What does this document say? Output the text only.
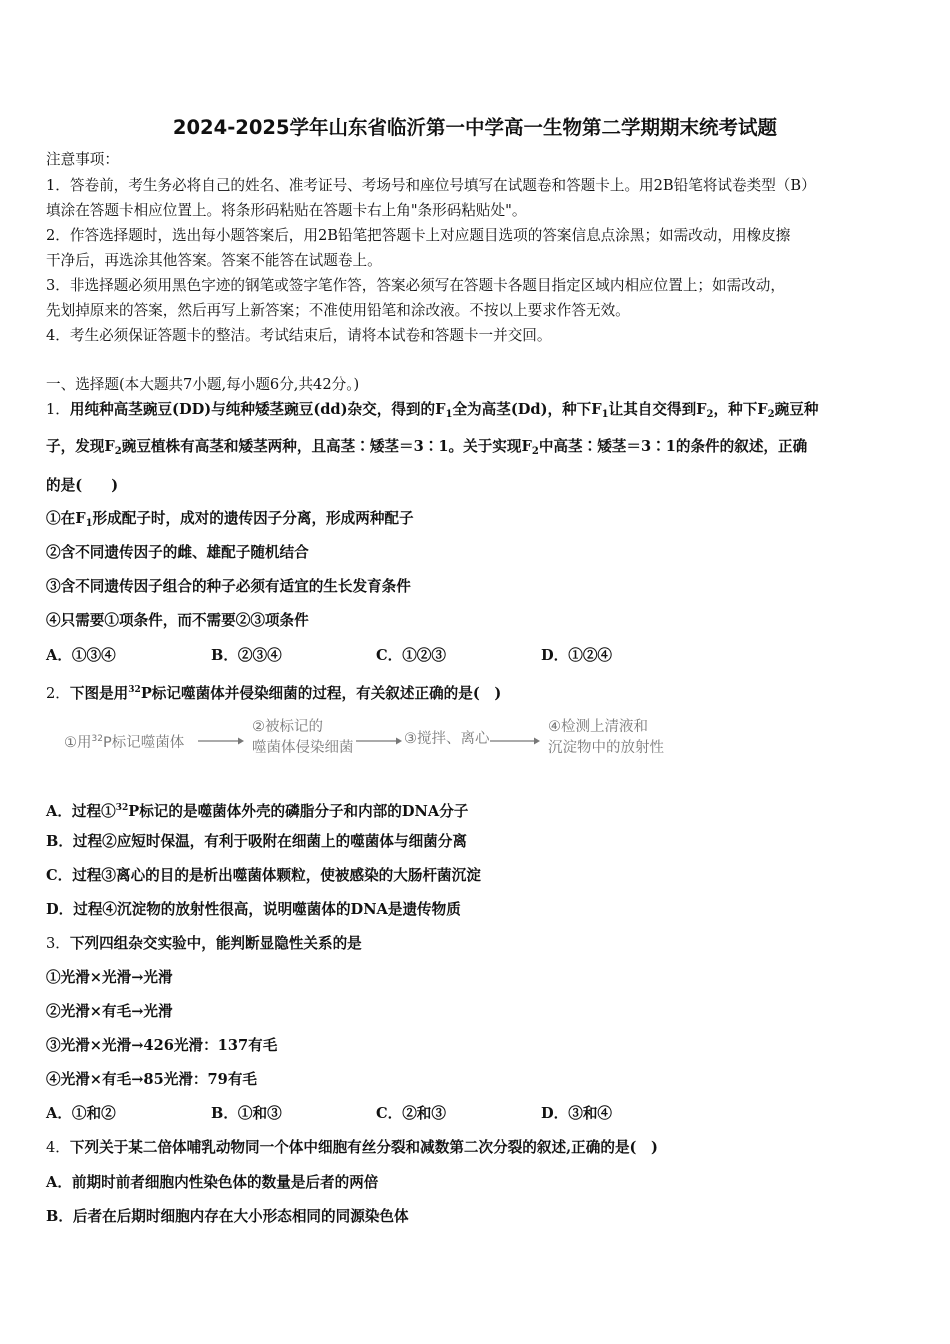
2024-2025学年山东省临沂第一中学高一生物第二学期期末统考试题
注意事项：
1．答卷前，考生务必将自己的姓名、准考证号、考场号和座位号填写在试题卷和答题卡上。用2B铅笔将试卷类型（B）
填涂在答题卡相应位置上。将条形码粘贴在答题卡右上角"条形码粘贴处"。
2．作答选择题时，选出每小题答案后，用2B铅笔把答题卡上对应题目选项的答案信息点涂黑；如需改动，用橡皮擦
干净后，再选涂其他答案。答案不能答在试题卷上。
3．非选择题必须用黑色字迹的钢笔或签字笔作答，答案必须写在答题卡各题目指定区域内相应位置上；如需改动，
先划掉原来的答案，然后再写上新答案；不准使用铅笔和涂改液。不按以上要求作答无效。
4．考生必须保证答题卡的整洁。考试结束后，请将本试卷和答题卡一并交回。
一、选择题(本大题共7小题,每小题6分,共42分。)
1．用纯种高茎豌豆(DD)与纯种矮茎豌豆(dd)杂交，得到的$F_1$全为高茎(Dd)，种下$F_1$让其自交得到$F_2$，种下$F_2$豌豆种
子，发现$F_2$豌豆植株有高茎和矮茎两种，且高茎∶矮茎＝3∶1。关于实现$F_2$中高茎∶矮茎＝3∶1的条件的叙述，正确
的是(　　)
①在$F_1$形成配子时，成对的遗传因子分离，形成两种配子
②含不同遗传因子的雌、雄配子随机结合
③含不同遗传因子组合的种子必须有适宜的生长发育条件
④只需要①项条件，而不需要②③项条件
A．①③④	B．②③④	C．①②③	D．①②④
2．下图是用$^{32}$P标记噬菌体并侵染细菌的过程，有关叙述正确的是(　)
①用$^{32}$P标记噬菌体
②被标记的
噬菌体侵染细菌
③搅拌、离心
④检测上清液和
沉淀物中的放射性
A．过程①$^{32}$P标记的是噬菌体外壳的磷脂分子和内部的DNA分子
B．过程②应短时保温，有利于吸附在细菌上的噬菌体与细菌分离
C．过程③离心的目的是析出噬菌体颗粒，使被感染的大肠杆菌沉淀
D．过程④沉淀物的放射性很高，说明噬菌体的DNA是遗传物质
3．下列四组杂交实验中，能判断显隐性关系的是
①光滑×光滑→光滑
②光滑×有毛→光滑
③光滑×光滑→426光滑：137有毛
④光滑×有毛→85光滑：79有毛
A．①和②	B．①和③	C．②和③	D．③和④
4．下列关于某二倍体哺乳动物同一个体中细胞有丝分裂和减数第二次分裂的叙述,正确的是(　)
A．前期时前者细胞内性染色体的数量是后者的两倍
B．后者在后期时细胞内存在大小形态相同的同源染色体
